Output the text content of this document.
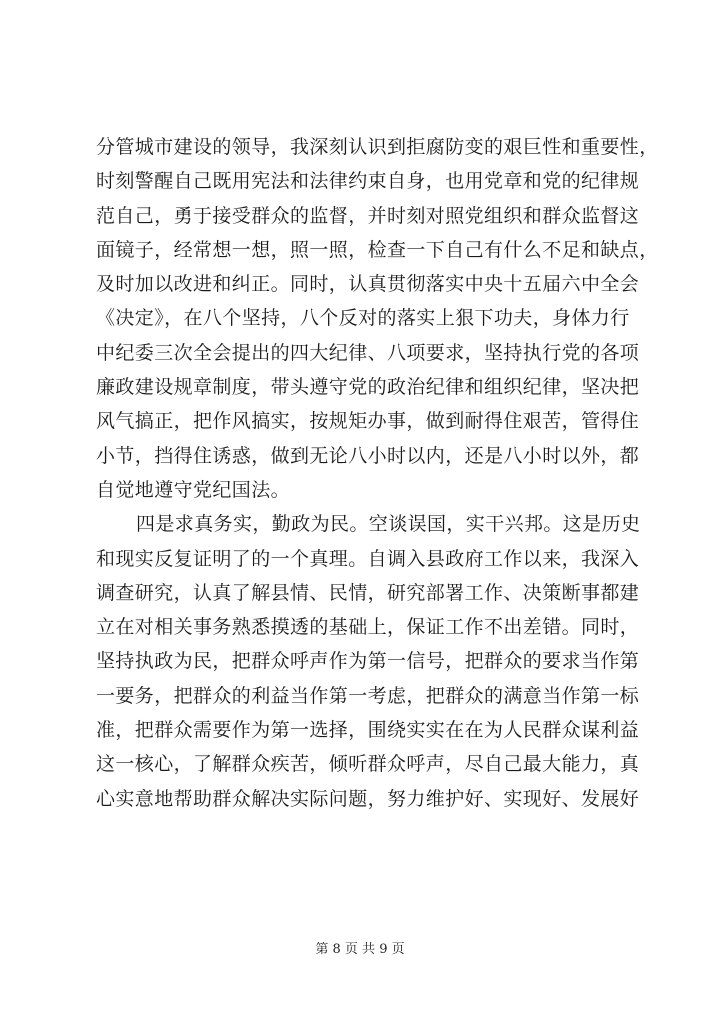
分管城市建设的领导，我深刻认识到拒腐防变的艰巨性和重要性，
时刻警醒自己既用宪法和法律约束自身，也用党章和党的纪律规
范自己，勇于接受群众的监督，并时刻对照党组织和群众监督这
面镜子，经常想一想，照一照，检查一下自己有什么不足和缺点，
及时加以改进和纠正。同时，认真贯彻落实中央十五届六中全会
《决定》，在八个坚持，八个反对的落实上狠下功夫，身体力行
中纪委三次全会提出的四大纪律、八项要求，坚持执行党的各项
廉政建设规章制度，带头遵守党的政治纪律和组织纪律，坚决把
风气搞正，把作风搞实，按规矩办事，做到耐得住艰苦，管得住
小节，挡得住诱惑，做到无论八小时以内，还是八小时以外，都
自觉地遵守党纪国法。
四是求真务实，勤政为民。空谈误国，实干兴邦。这是历史
和现实反复证明了的一个真理。自调入县政府工作以来，我深入
调查研究，认真了解县情、民情，研究部署工作、决策断事都建
立在对相关事务熟悉摸透的基础上，保证工作不出差错。同时，
坚持执政为民，把群众呼声作为第一信号，把群众的要求当作第
一要务，把群众的利益当作第一考虑，把群众的满意当作第一标
准，把群众需要作为第一选择，围绕实实在在为人民群众谋利益
这一核心，了解群众疾苦，倾听群众呼声，尽自己最大能力，真
心实意地帮助群众解决实际问题，努力维护好、实现好、发展好
第 8 页 共 9 页
